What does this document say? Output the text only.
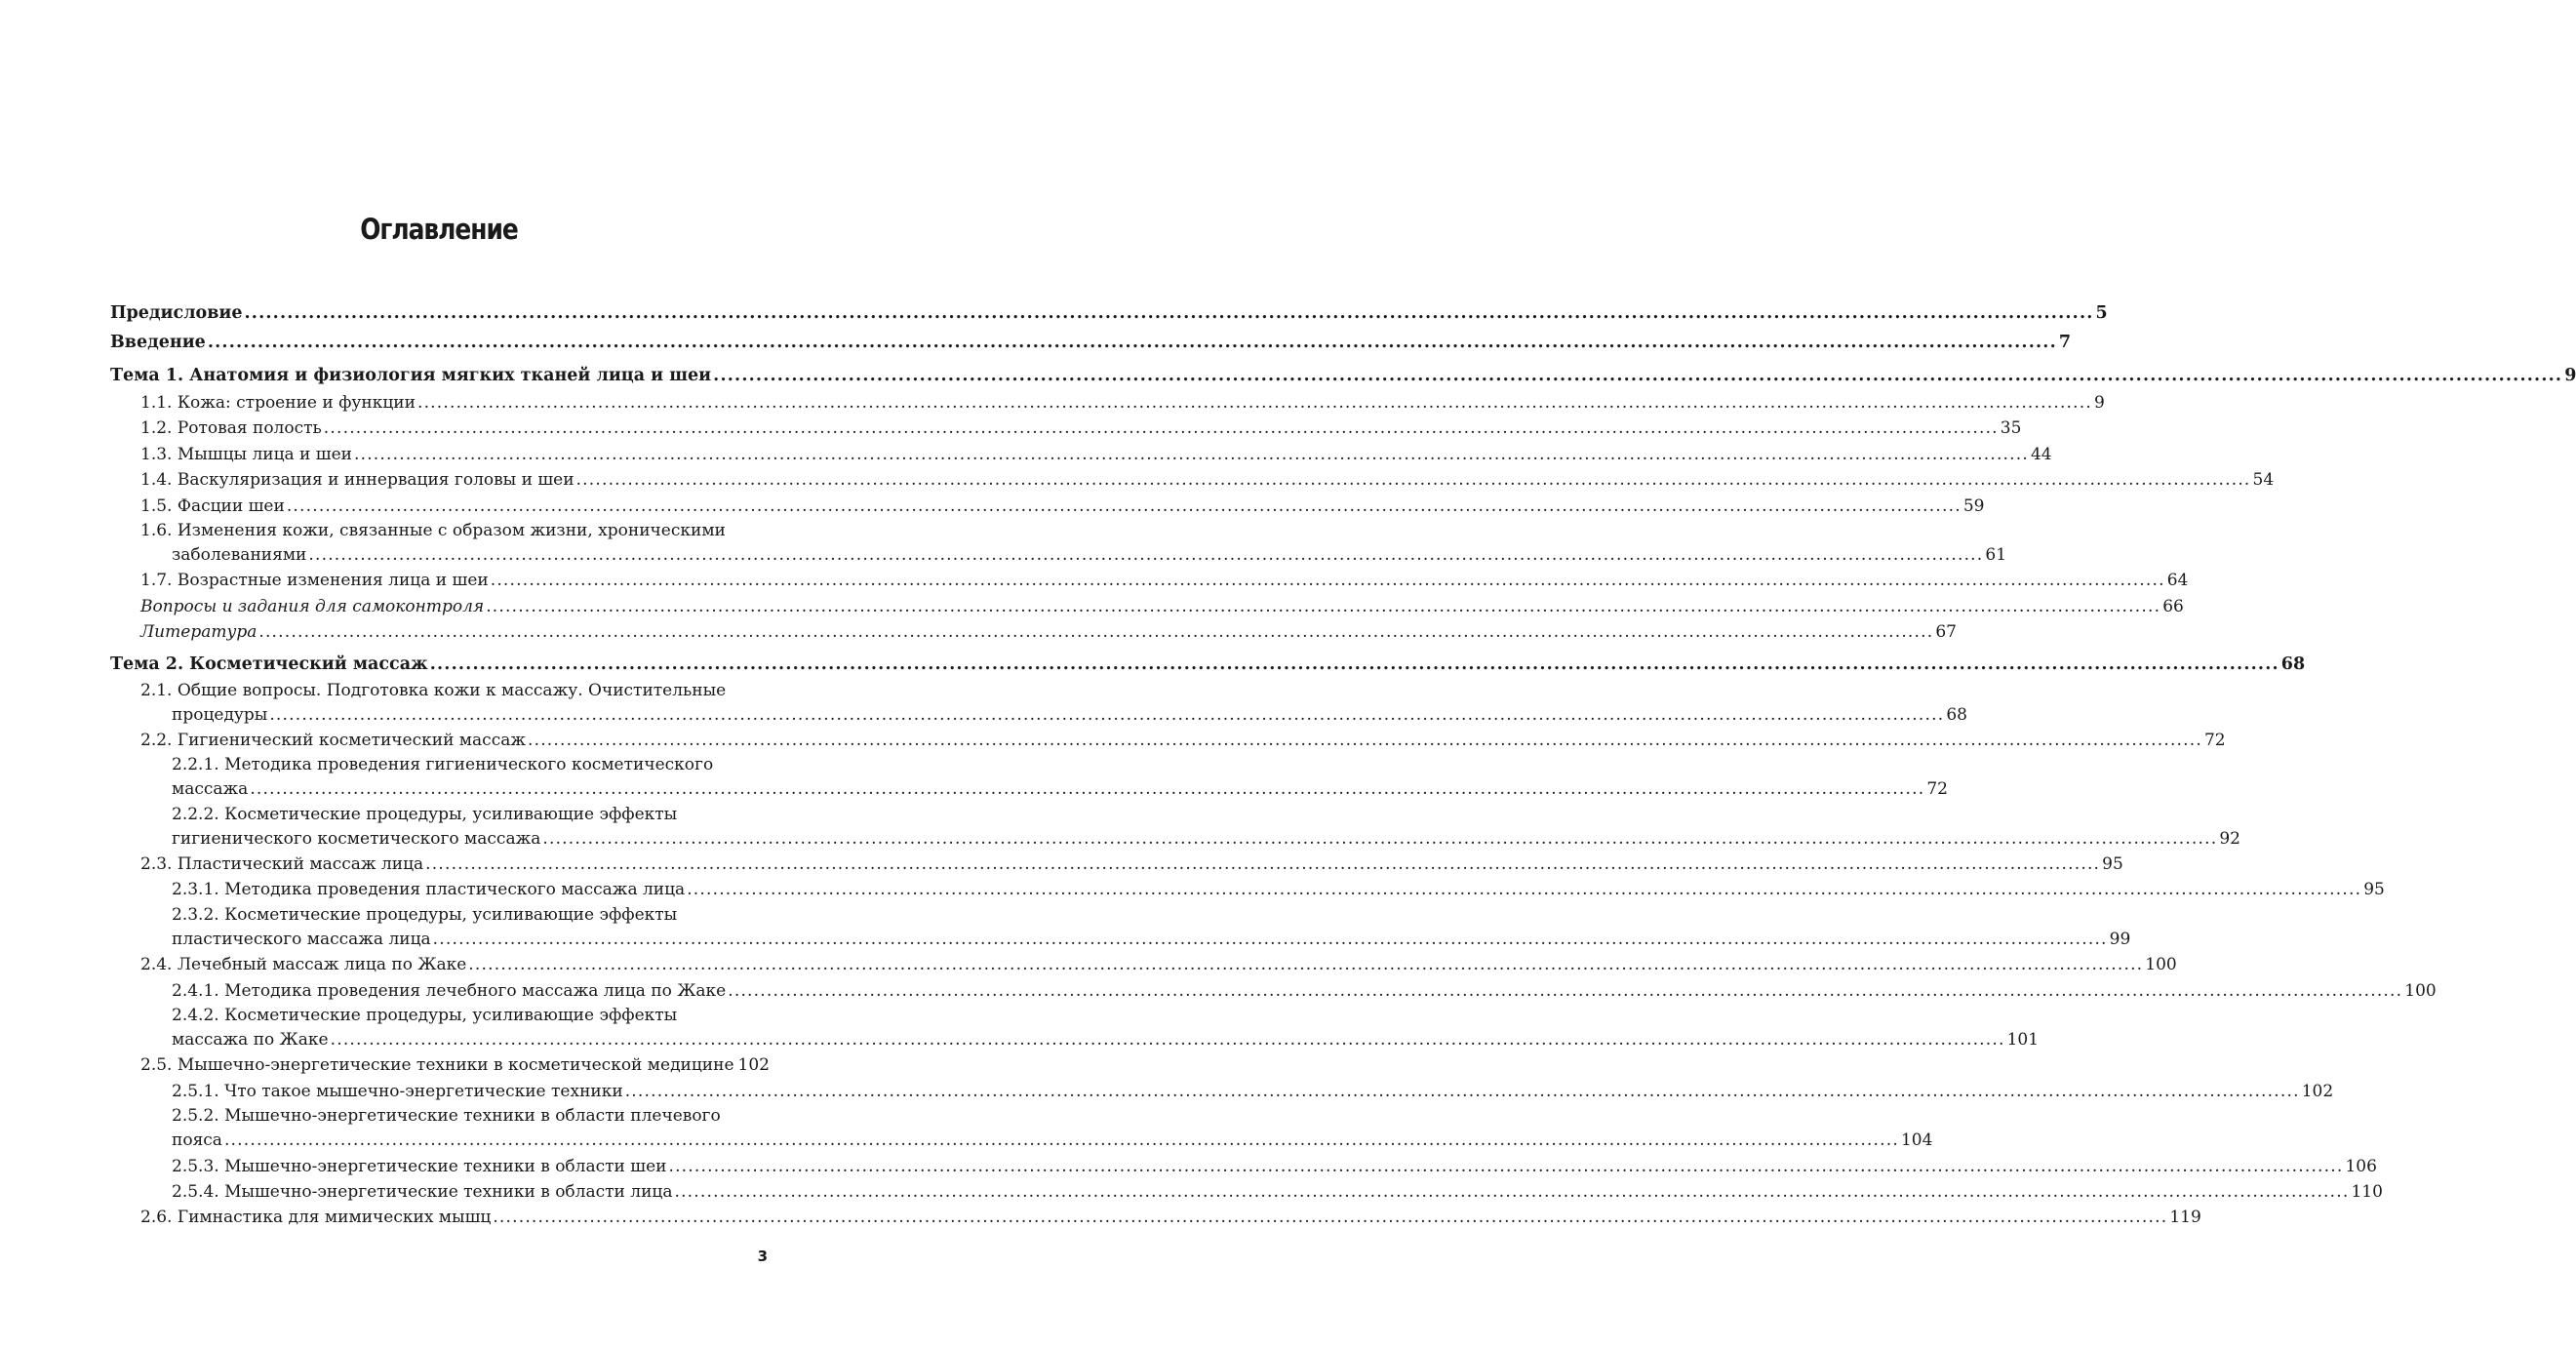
Оглавление
Предисловие .................................................................................................................................................................................................................................................................... 5
Введение .................................................................................................................................................................................................................................................................... 7
Тема 1. Анатомия и физиология мягких тканей лица и шеи .................................................................................................................................................................................................................................................................... 9
1.1. Кожа: строение и функции .................................................................................................................................................................................................................................................................... 9
1.2. Ротовая полость .................................................................................................................................................................................................................................................................... 35
1.3. Мышцы лица и шеи .................................................................................................................................................................................................................................................................... 44
1.4. Васкуляризация и иннервация головы и шеи .................................................................................................................................................................................................................................................................... 54
1.5. Фасции шеи .................................................................................................................................................................................................................................................................... 59
1.6. Изменения кожи, связанные с образом жизни, хроническими
заболеваниями .................................................................................................................................................................................................................................................................... 61
1.7. Возрастные изменения лица и шеи .................................................................................................................................................................................................................................................................... 64
Вопросы и задания для самоконтроля .................................................................................................................................................................................................................................................................... 66
Литература .................................................................................................................................................................................................................................................................... 67
Тема 2. Косметический массаж .................................................................................................................................................................................................................................................................... 68
2.1. Общие вопросы. Подготовка кожи к массажу. Очистительные
процедуры .................................................................................................................................................................................................................................................................... 68
2.2. Гигиенический косметический массаж .................................................................................................................................................................................................................................................................... 72
2.2.1. Методика проведения гигиенического косметического
массажа .................................................................................................................................................................................................................................................................... 72
2.2.2. Косметические процедуры, усиливающие эффекты
гигиенического косметического массажа .................................................................................................................................................................................................................................................................... 92
2.3. Пластический массаж лица .................................................................................................................................................................................................................................................................... 95
2.3.1. Методика проведения пластического массажа лица .................................................................................................................................................................................................................................................................... 95
2.3.2. Косметические процедуры, усиливающие эффекты
пластического массажа лица .................................................................................................................................................................................................................................................................... 99
2.4. Лечебный массаж лица по Жаке .................................................................................................................................................................................................................................................................... 100
2.4.1. Методика проведения лечебного массажа лица по Жаке .................................................................................................................................................................................................................................................................... 100
2.4.2. Косметические процедуры, усиливающие эффекты
массажа по Жаке .................................................................................................................................................................................................................................................................... 101
2.5. Мышечно-энергетические техники в косметической медицине 102
2.5.1. Что такое мышечно-энергетические техники .................................................................................................................................................................................................................................................................... 102
2.5.2. Мышечно-энергетические техники в области плечевого
пояса .................................................................................................................................................................................................................................................................... 104
2.5.3. Мышечно-энергетические техники в области шеи .................................................................................................................................................................................................................................................................... 106
2.5.4. Мышечно-энергетические техники в области лица .................................................................................................................................................................................................................................................................... 110
2.6. Гимнастика для мимических мышц .................................................................................................................................................................................................................................................................... 119
3
